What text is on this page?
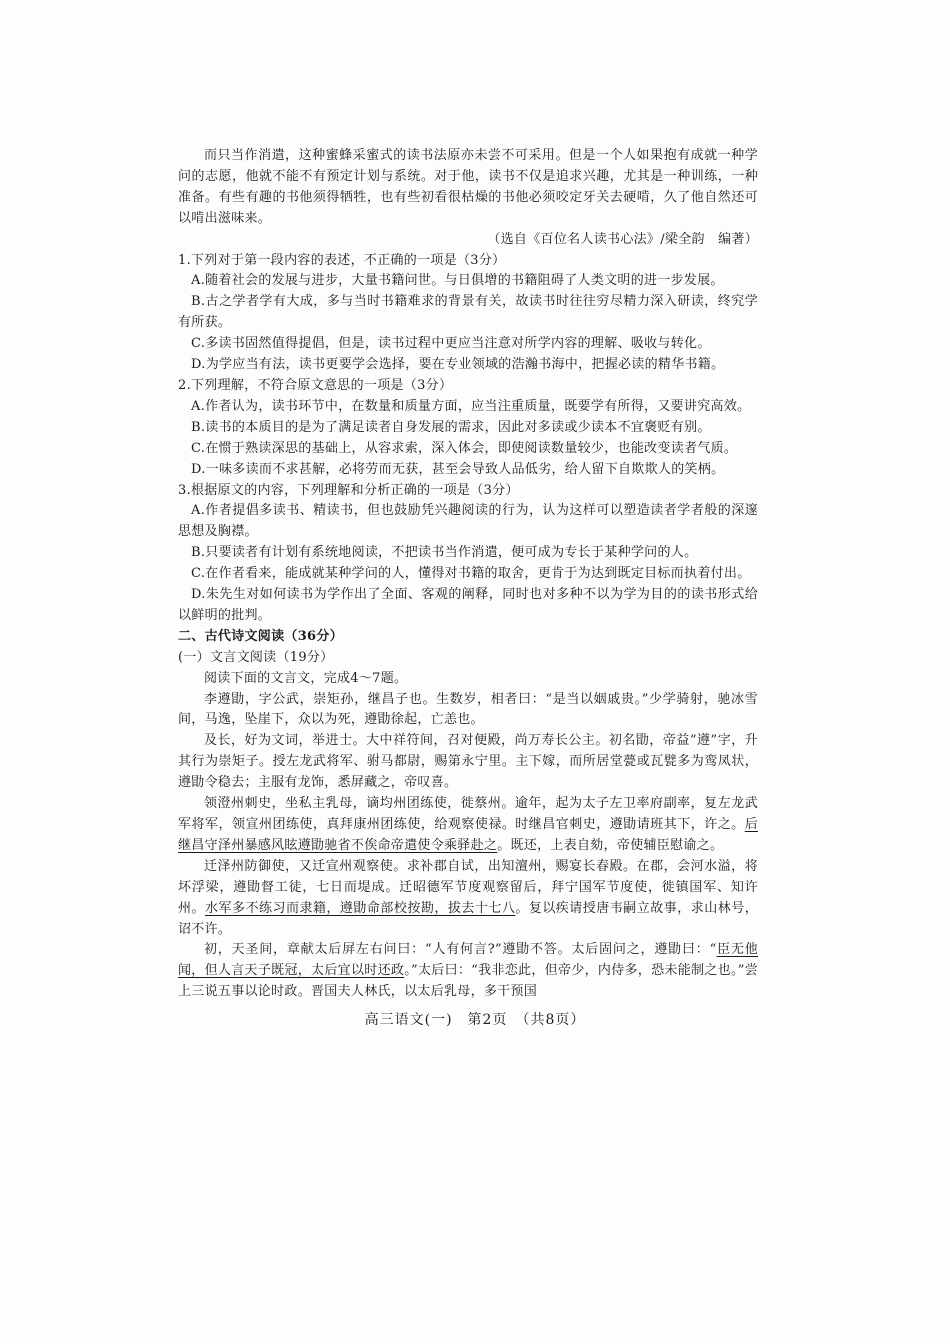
而只当作消遣，这种蜜蜂采蜜式的读书法原亦未尝不可采用。但是一个人如果抱有成就一种学问的志愿，他就不能不有预定计划与系统。对于他，读书不仅是追求兴趣，尤其是一种训练，一种准备。有些有趣的书他须得牺牲，也有些初看很枯燥的书他必须咬定牙关去硬啃，久了他自然还可以啃出滋味来。

（选自《百位名人读书心法》/梁全韵　编著）

1.下列对于第一段内容的表述，不正确的一项是（3分）

A.随着社会的发展与进步，大量书籍问世。与日俱增的书籍阻碍了人类文明的进一步发展。

B.古之学者学有大成，多与当时书籍难求的背景有关，故读书时往往穷尽精力深入研读，终究学有所获。

C.多读书固然值得提倡，但是，读书过程中更应当注意对所学内容的理解、吸收与转化。

D.为学应当有法，读书更要学会选择，要在专业领域的浩瀚书海中，把握必读的精华书籍。

2.下列理解，不符合原文意思的一项是（3分）

A.作者认为，读书环节中，在数量和质量方面，应当注重质量，既要学有所得，又要讲究高效。

B.读书的本质目的是为了满足读者自身发展的需求，因此对多读或少读本不宜褒贬有别。

C.在惯于熟读深思的基础上，从容求索，深入体会，即使阅读数量较少，也能改变读者气质。

D.一味多读而不求甚解，必将劳而无获，甚至会导致人品低劣，给人留下自欺欺人的笑柄。

3.根据原文的内容，下列理解和分析正确的一项是（3分）

A.作者提倡多读书、精读书，但也鼓励凭兴趣阅读的行为，认为这样可以塑造读者学者般的深邃思想及胸襟。

B.只要读者有计划有系统地阅读，不把读书当作消遣，便可成为专长于某种学问的人。

C.在作者看来，能成就某种学问的人，懂得对书籍的取舍，更肯于为达到既定目标而执着付出。

D.朱先生对如何读书为学作出了全面、客观的阐释，同时也对多种不以为学为目的的读书形式给以鲜明的批判。

二、古代诗文阅读（36分）

(一）文言文阅读（19分）

阅读下面的文言文，完成4～7题。

李遵勖，字公武，崇矩孙，继昌子也。生数岁，相者曰：“是当以姻戚贵。”少学骑射，驰冰雪间，马逸，坠崖下，众以为死，遵勖徐起，亡恙也。

及长，好为文词，举进士。大中祥符间，召对便殿，尚万寿长公主。初名勖，帝益“遵”字，升其行为崇矩子。授左龙武将军、驸马都尉，赐第永宁里。主下嫁，而所居堂甍或瓦甓多为鸾凤状，遵勖令稳去；主服有龙饰，悉屏藏之，帝叹喜。

领澄州刺史，坐私主乳母，谪均州团练使，徙蔡州。逾年，起为太子左卫率府副率，复左龙武军将军，领宣州团练使，真拜康州团练使，给观察使禄。时继昌官刺史，遵勖请班其下，许之。后继昌守泽州暴感风眩遵勖驰省不俟命帝遣使令乘驿赴之。既还，上表自劾，帝使辅臣慰谕之。

迁泽州防御使，又迁宣州观察使。求补郡自试，出知澶州，赐宴长春殿。在郡，会河水溢，将坏浮梁，遵勖督工徒，七日而堤成。迁昭德军节度观察留后，拜宁国军节度使，徙镇国军、知许州。水军多不练习而隶籍，遵勖命部校按勘，拔去十七八。复以疾请授唐韦嗣立故事，求山林号，诏不许。

初，天圣间，章献太后屏左右问曰：“人有何言?”遵勖不答。太后固问之，遵勖曰：“臣无他闻，但人言天子既冠，太后宜以时还政。”太后曰：“我非恋此，但帝少，内侍多，恐未能制之也。”尝上三说五事以论时政。晋国夫人林氏，以太后乳母，多干预国

高三语文(一)　第2页　（共8页）
